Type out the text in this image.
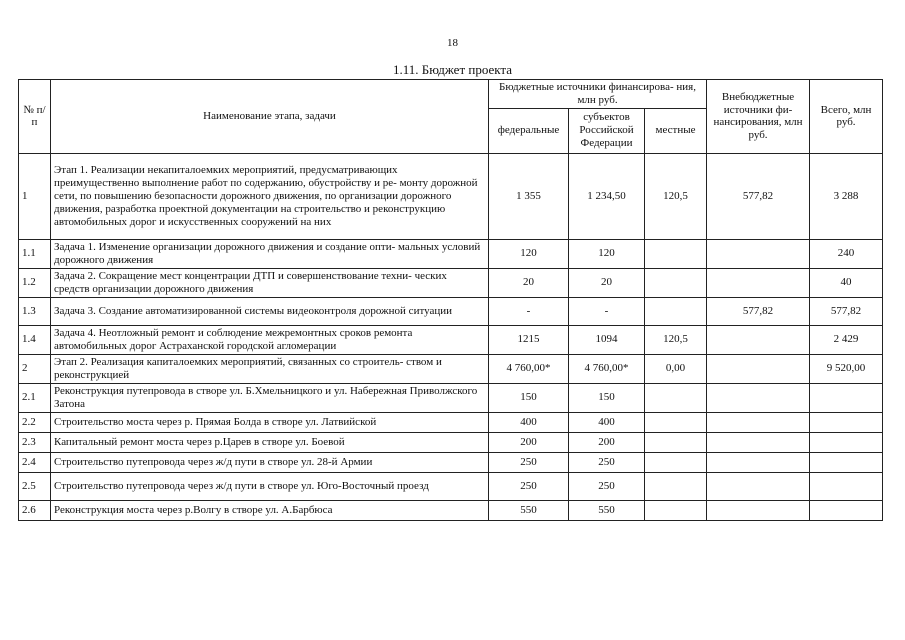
18
1.11. Бюджет проекта
№ п/п	Наименование этапа, задачи	Бюджетные источники финансирова- ния, млн руб.			Внебюджетные источники фи- нансирования, млн руб.	Всего, млн руб.
		федеральные	субъектов Российской Федерации	местные		
1	Этап 1. Реализации некапиталоемких мероприятий, предусматривающих преимущественно выполнение работ по содержанию, обустройству и ре- монту дорожной сети, по повышению безопасности дорожного движения, по организации дорожного движения, разработка проектной документации на строительство и реконструкцию автомобильных дорог и искусственных сооружений на них	1 355	1 234,50	120,5	577,82	3 288
1.1	Задача 1. Изменение организации дорожного движения и создание опти- мальных условий дорожного движения	120	120			240
1.2	Задача 2. Сокращение мест концентрации ДТП и совершенствование техни- ческих средств организации дорожного движения	20	20			40
1.3	Задача 3. Создание автоматизированной системы видеоконтроля дорожной ситуации	-	-		577,82	577,82
1.4	Задача 4. Неотложный ремонт и соблюдение межремонтных сроков ремонта автомобильных дорог Астраханской городской агломерации	1215	1094	120,5		2 429
2	Этап 2. Реализация капиталоемких мероприятий, связанных со строитель- ством и реконструкцией	4 760,00*	4 760,00*	0,00		9 520,00
2.1	Реконструкция путепровода в створе ул. Б.Хмельницкого и ул. Набережная Приволжского Затона	150	150			
2.2	Строительство моста через р. Прямая Болда в створе ул. Латвийской	400	400			
2.3	Капитальный ремонт моста через р.Царев в створе ул. Боевой	200	200			
2.4	Строительство путепровода через ж/д пути в створе ул. 28-й Армии	250	250			
2.5	Строительство путепровода через ж/д пути в створе ул. Юго-Восточный проезд	250	250			
2.6	Реконструкция моста через р.Волгу в створе ул. А.Барбюса	550	550			
